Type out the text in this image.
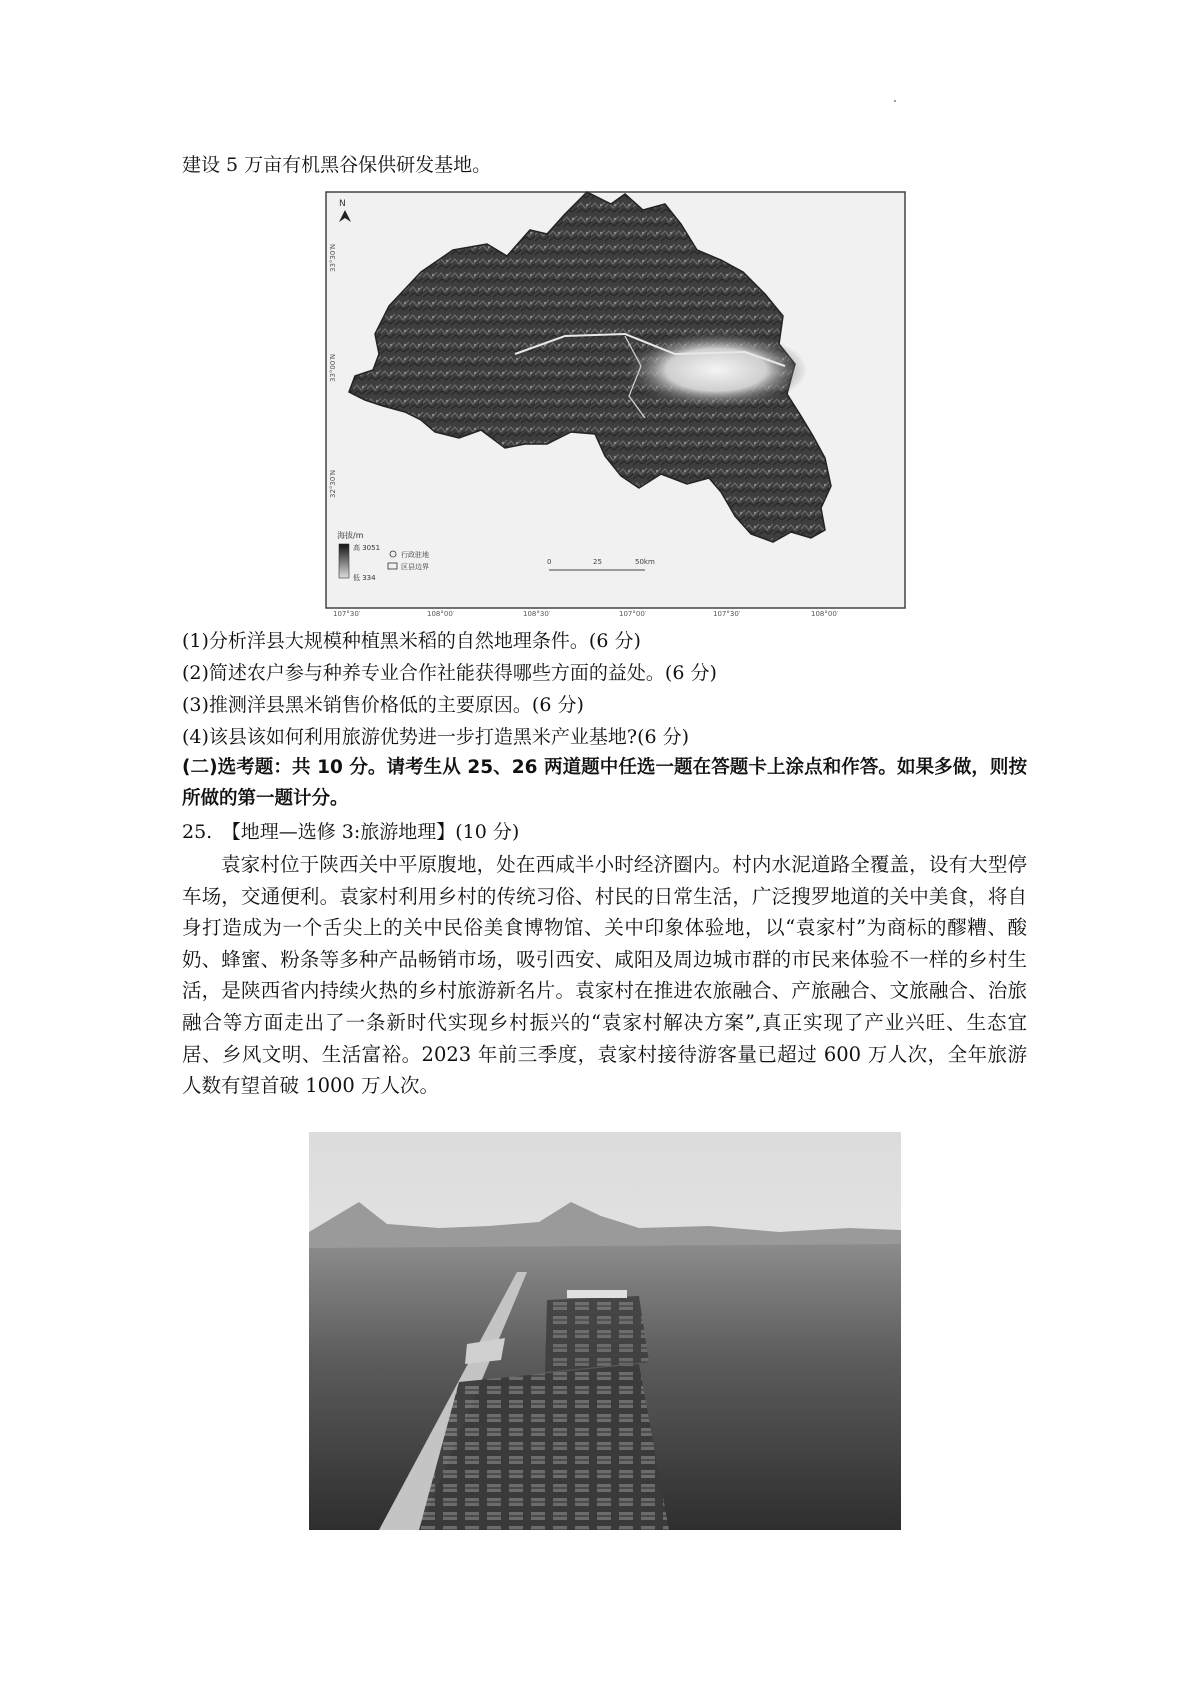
建设 5 万亩有机黑谷保供研发基地。
N
33°30′N
33°00′N
32°30′N
107°30′	108°00′	108°30′	107°00′	107°30′	108°00′
海拔/m
高 3051
低 334
行政驻地
区县边界
0	25	50km
(1)分析洋县大规模种植黑米稻的自然地理条件。(6 分)
(2)简述农户参与种养专业合作社能获得哪些方面的益处。(6 分)
(3)推测洋县黑米销售价格低的主要原因。(6 分)
(4)该县该如何利用旅游优势进一步打造黑米产业基地?(6 分)
(二)选考题：共 10 分。请考生从 25、26 两道题中任选一题在答题卡上涂点和作答。如果多做，则按所做的第一题计分。
25.　【地理—选修 3:旅游地理】(10 分)

袁家村位于陕西关中平原腹地，处在西咸半小时经济圈内。村内水泥道路全覆盖，设有大型停车场，交通便利。袁家村利用乡村的传统习俗、村民的日常生活，广泛搜罗地道的关中美食，将自身打造成为一个舌尖上的关中民俗美食博物馆、关中印象体验地，以“袁家村”为商标的醪糟、酸奶、蜂蜜、粉条等多种产品畅销市场，吸引西安、咸阳及周边城市群的市民来体验不一样的乡村生活，是陕西省内持续火热的乡村旅游新名片。袁家村在推进农旅融合、产旅融合、文旅融合、治旅融合等方面走出了一条新时代实现乡村振兴的“袁家村解决方案”,真正实现了产业兴旺、生态宜居、乡风文明、生活富裕。2023 年前三季度，袁家村接待游客量已超过 600 万人次，全年旅游人数有望首破 1000 万人次。
